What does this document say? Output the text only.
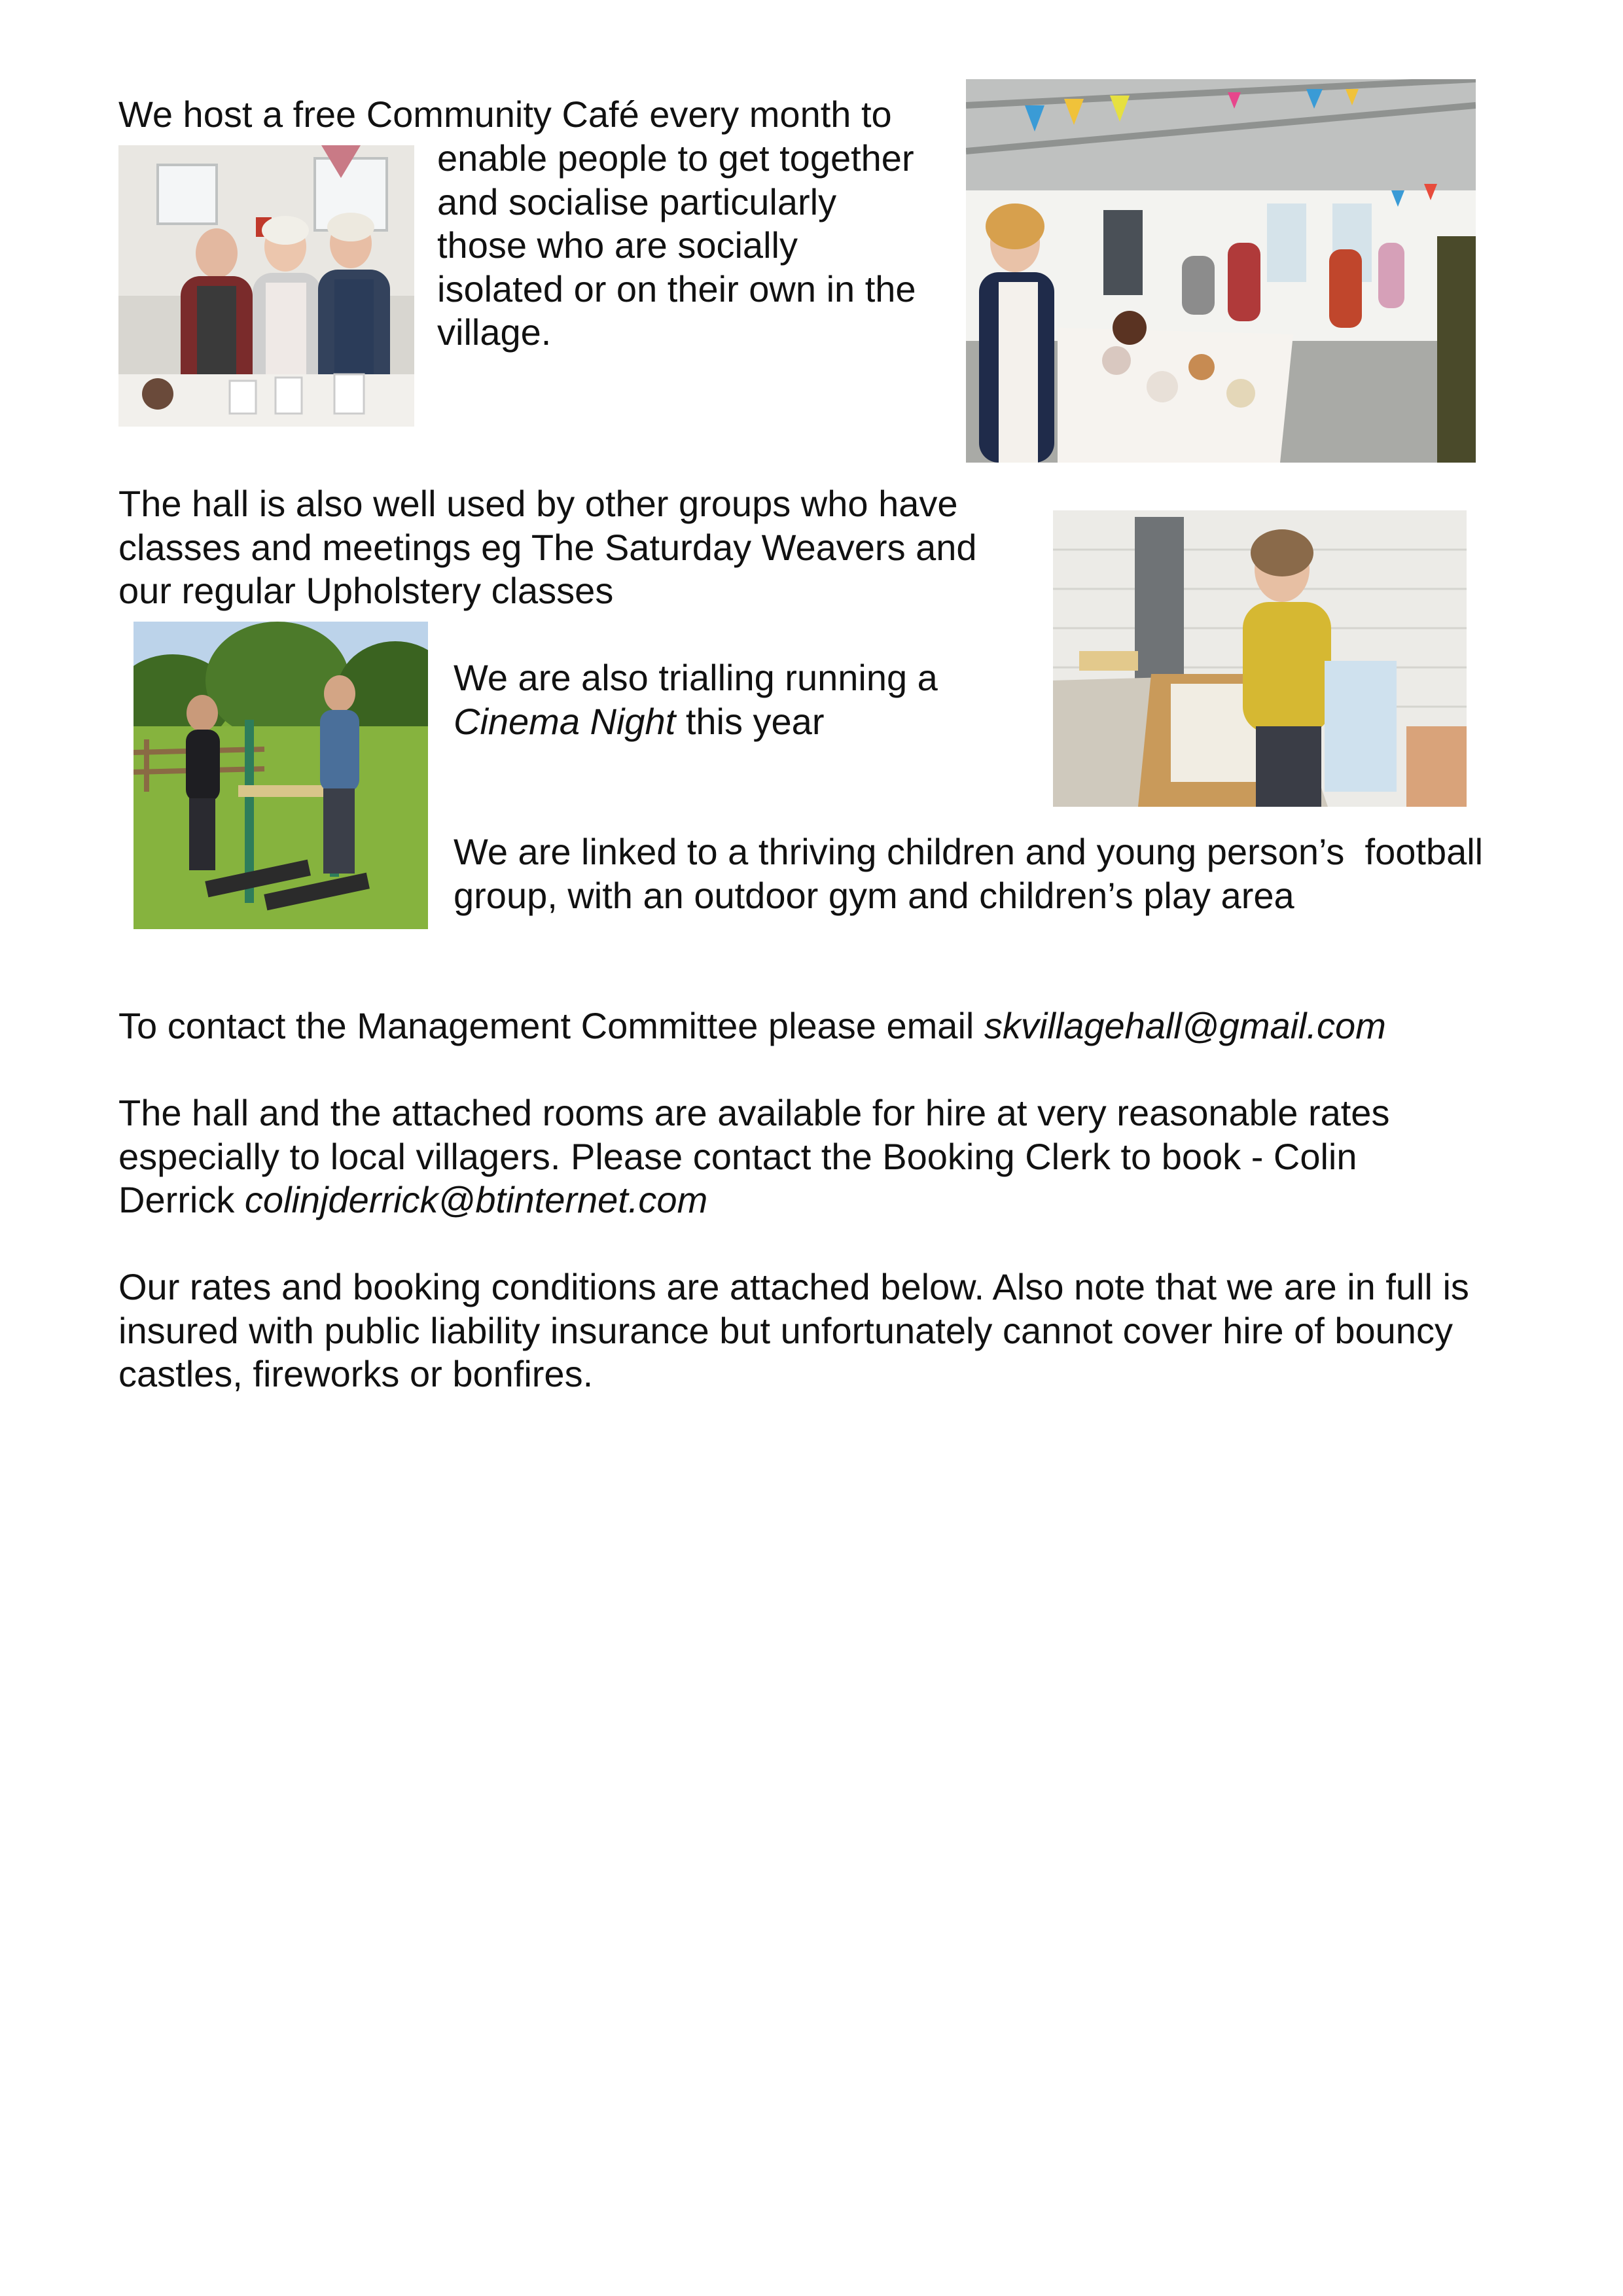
We host a free Community Café every month to

enable people to get together

and socialise particularly

those who are socially

isolated or on their own in the

village.

The hall is also well used by other groups who have

classes and meetings eg The Saturday Weavers and

our regular Upholstery classes

We are also trialling running a

Cinema Night this year

We are linked to a thriving children and young person’s  football

group, with an outdoor gym and children’s play area

To contact the Management Committee please email skvillagehall@gmail.com

The hall and the attached rooms are available for hire at very reasonable rates

especially to local villagers. Please contact the Booking Clerk to book - Colin

Derrick colinjderrick@btinternet.com

Our rates and booking conditions are attached below. Also note that we are in full is

insured with public liability insurance but unfortunately cannot cover hire of bouncy

castles, fireworks or bonfires.
